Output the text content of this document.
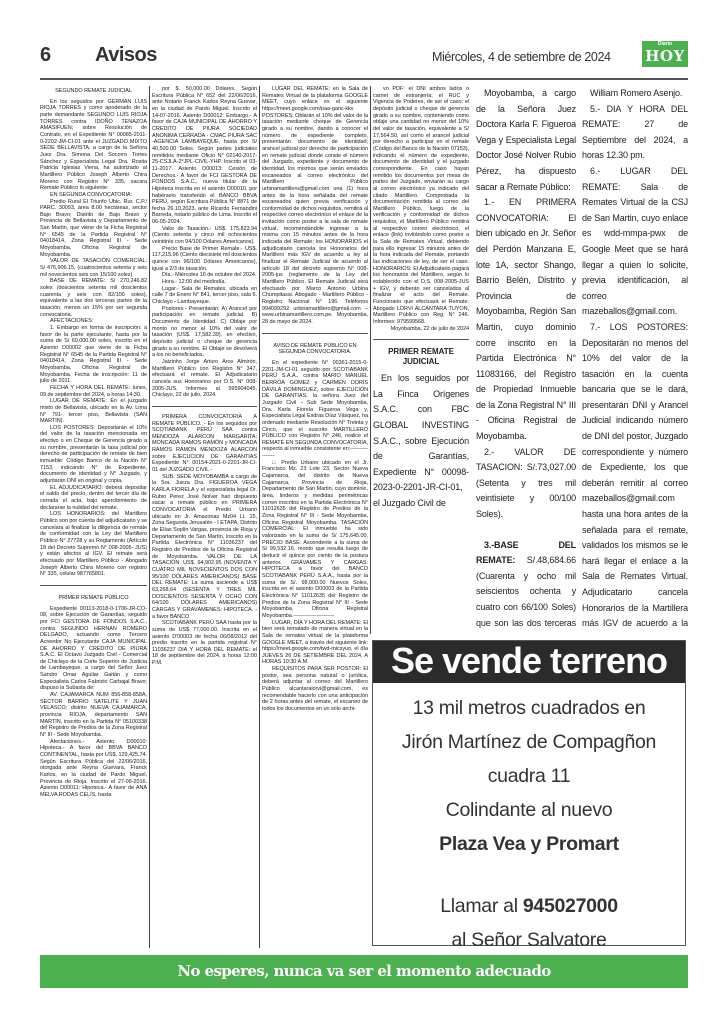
6 Avisos	Miércoles, 4 de setiembre de 2024
Diario
HOY
SEGUNDO REMATE JUDICIAL

En los seguidos por GERMAN LUIS RIOJA TORRES y como apoderado de la parte demandante SEGUNDO LUIS RIOJA TORRES contra IDOÑO TENAZOA AMASIFUEN; sobre Resolución de Contrato, en el Expediente N° 00085-2011-0-2202-JM-CI-01 ante el JUZGADO MIXTO SEDE BELLAVISTA, a cargo de la Señora Juez Dra. Simona Del Socorro Torres Sánchez y Especialista Legal Dra. Rosita Patricia Iglesias Viena, ha autorizado al Martillero Público Joseph Alberto Chira Moreno con Registro N° 335, sacara Remate Público lo siguiente:

EN SEGUNDA CONVOCATORIA:

Predio Rural El Triunfo Ubic. Rur. C.P./ PARC. 30093, área 8.00 hectáreas, sector Bajo Bravo; Distrito de Bajo Bravo y Provincia de Bellavista y Departamento de San Martin, que viene de la Ficha Registral N° 6545 de la Partida Registral N° 04018414, Zona Registral III - Sede Moyobamba, Oficina Registral de Moyobamba.

VALOR DE TASACIÓN COMERCIAL: S/ 476,906.15, (cuatrocientos setenta y seis mil novecientos seis con 15/100 soles)

BASE DE REMATE: S/ 270,246.82 soles (doscientos setenta mil doscientos cuarenta y seis con 82/100 soles), equivalente a las dos terceras partes de la tasación, menos un 15% por ser segunda convocatoria.

AFECTACIONES:

1. Embargo en forma de inscripción: a favor de la parte ejecutante, hasta por la suma de S/ 60,000.00 soles, inscrito en el Asiento D00002 que viene de la Ficha Registral N° 6545 de la Partida Registral N° 04018414, Zona Registral III - Sede Moyobamba, Oficina Registral de Moyobamba. Fecha de inscripción: 11 de julio de 2011.

FECHA Y HORA DEL REMATE: lunes, 09 de septiembre del 2024, a horas 14:30.

LUGAR DE REMATE: En el juzgado mixto de Bellavista, ubicado en la Av. Lima N° 791- tercer piso, Bellavista (SAN MARTIN).

LOS POSTORES: Depositarán el 10% del valor de la tasación mencionada en efectivo o en Cheque de Gerencia girado a su nombre, presentarán la tasa judicial por derecho de participación de remate de bien inmueble: Código Banco de la Nación N° 7153, indicando N° de Expediente, documento de identidad y N° Juzgado, y adjuntarán DNI en original y copia.

EL ADJUDICATARIO: deberá depositar el saldo del precio, dentro del tercer día de cerrada el acta, bajo apercibimiento de declararse la nulidad del remate.

LOS HONORARIOS: del Martillero Público son por cuenta del adjudicatario y se cancelara al finalizar la diligencia de remate de conformidad con la Ley del Martillero Público N° 27728 y su Reglamento (Artículo 18 del Decreto Supremo N° 008-2005- JUS) y están afectos al IGV. El remate será efectuado por Martillero Público - Abogado Joseph Alberto Chira Moreno con registro N° 335, celular 987765801.

PRIMER REMATE PÚBLICO

Expediente 00113-2018-0-1706-JR-CO-08, sobre Ejecución de Garantías, seguido por FCI GESTORA DE FONDOS S.A.C., contra SEGUNDO HERNAN ROMERO DELGADO, actuando como Tercero Acreedor No Ejecutante CAJA MUNICIPAL DE AHORRO Y CREDITO DE PIURA S.A.C. El Octavo Juzgado Civil - Comercial de Chiclayo de la Corte Superior de Justicia de Lambayeque, a cargo del Señor Juez Sandro Omar Aguilar Gaitán y como Especialista Carlos Fabrizio Carbajal Bravo; dispuso la Subasta de:

AV. CAJAMARCA NUM 856-858-858A, SECTOR BARRIO SATELITE Y JUAN VELASCO; distrito NUEVA CAJAMARCA, provincia RIOJA, departamento SAN MARTIN, inscrito en la Partida N° 05100338 del Registro de Predios de la Zona Registral N° III - Sede Moyobamba.

Afectaciones.- Asiento D00010: Hipoteca.- A favor del BBVA BANCO CONTINENTAL, hasta por US$. 129,425.74. Según Escritura Pública del 22/06/2016, otorgada ante Reyna Guevara, Franck Karlos, en la ciudad de Pardo Miguel, Provincia de Rioja. Inscrito el 27-06-2016. Asiento D00011: Hipoteca.- A favor de ANA MELVA RODAS CELIS, hasta

por $. 50,000.00 Dólares. Según Escritura Pública N° 652 del 22/06/2016, ante Notario Franck Karlos Reyna Guevar, en la ciudad de Pardo Miguel. Inscrito el 14-07-2016. Asiento D00012: Embargo.- A favor de CAJA MUNICIPAL DE AHORRO Y CREDITO DE PIURA SOCIEDAD ANONIMA CERRADA - CMAC PIURA SAC -AGENCIA LAMBAYEQUE, hasta por S/ 40,500.00 Soles. Según partes judiciales remitidos mediante Oficio N° 02140-2017-25-CSJLA-2°JPL-CIVIL-YHP. Inscrito el 03-11-2017. Asiento D00013: Cesión de Derechos.- A favor de FCI GESTORA DE FONDOS S.A.C., nueva titular de la Hipoteca inscrita en el asiento D00010, por habérselo transferido el BANCO BBVA PERÚ, según Escritura Pública N° 8871 de fecha 26.10.2023, ante Ricardo Fernandini Barreda, notario público de Lima. Inscrito el 06-05-2024.

Valor de Tasación.- US$. 175,823.94 (Ciento setenta y cinco mil ochocientos veintitrés con 94/100 Dólares Americanos).

Precio Base de Primer Remate.- US$. 117,215.96 (Ciento diecisiete mil doscientos quince con 96/100 Dólares Americanos), igual a 2/3 de tasación.

Día.- Miércoles 16 de octubre del 2024.

Hora.- 12:00 del mediodía.

Lugar.- Sala de Remates, ubicada en calle 7 de Enero N° 841, tercer piso, sala 6. Chiclayo - Lambayeque.

Postores.- Presentarán: A) Arancel por participación en remate judicial. B) Documento de Identidad. C) Oblaje por monto no menor al 10% del valor de tasación (US$. 17,582.39), en efectivo, depósito judicial o cheque de gerencia girado a su nombre. El Oblaje se devolverá a los no beneficiados.

Jaizinho Jorge Arturo Arce Almirón, Martillero Público con Registro N° 347, efectuará el remate. El Adjudicatario cancela sus Honorarios por D.S. N° 008-2005-JUS. Informes al 995904045. Chiclayo, 22 de julio, 2024.

PRIMERA CONVOCATORIA A REMATE PÚBLICO. - En los seguidos por SCOTIABANK PERÚ SAA contra MENDOZA ALARCON MARGARITA; MONCADA RAMOS RAMÓN y MONCADA RAMOS RAMON MENDOZA ALARCON sobre EJECUCION DE GARANTIAS Expediente N° 00154-2021-0-2201-JR-CI-01 del JUZGADO CIVIL -

SUB. SEDE MOYOBAMBA a cargo de la Sra. Jueza Dra. FIGUEROA VEGA KARLA FIORELA y el especialista legal Dr. Rubio Perez José Nolver han dispuesto sacar a remate público en PRIMERA CONVOCATORIA el Predio Urbano ubicado en Jr. Amazonas Mz04 Lt. 15, Zona Segunda Jerusalén - I ETAPA, Distrito de Elías Soplín Vargas, provincia de Rioja y Departamento de San Martín, inscrito en la Partida Electrónica N° 11036237 del Registro de Predios de la Oficina Registral de Moyobamba. VALOR DE LA TASACIÓN: US$. 94,902.95 (NOVENTA Y CUATRO MIL NOVECIENTOS DOS CON 95/100 DÓLARES AMERICANOS) BASE DEL REMATE: La suma asciende a US$ 63,268.64 (SESENTA Y TRES MIL DOSCIENTOS SESENTA Y OCHO CON 64/100 DÓLARES AMERICANOS) CARGAS Y GRAVÁMENES: HIPOTECA. - a favor BANCO

SCOTIABANK PERÚ SAA hasta por la suma de US$ 77,000.00. Inscrita en el asiento D'00003 de fecha 06/08/2012 del predio inscrito en la partida registral N° 11036237 DIA Y HORA DEL REMATE: el 18 de septiembre del 2024, a horas 12:00 P.M.

LUGAR DEL REMATE: en la Sala de Remates Virtual de la plataforma GOOGLE MEET, cuyo enlace es el siguiente https://meet.google.com/paa-ganc-kkv POSTORES: Oblarán el 10% del valor de la tasación mediante cheque de Gerencia girado a su nombre, dando a conocer el número de expediente completo, presentarán documento de identidad; arancel judicial por derecho de participación en remate judicial donde conste el número del Juzgado, expediente y documento de identidad, los mismos que serán enviados escaneados al correo electrónico del Martillero Público urbinamartillero@gmail.com una (1) hora antes de la hora señalada del remate escaneados quien previa verificación y conformidad de dichos requisitos, remitirá al respectivo correo electrónico el enlace de la invitación como postor a la sala de remate virtual, recomendándole ingresar a la misma con 15 minutos antes de la hora indicada del Remate; los HONORARIOS el adjudicatario cancela los Honorarios del Martillero más IGV de acuerdo a ley al finalizar el Remate Judicial de acuerdo al artículo 18 del decreto supremo N° 008-2005-jus (reglamento de la Ley del Martillero Público. El Remate Judicial será efectuado por Marco Antonio Urbina Chumpitassi. Abogado - Martillero Público - Registro Nacional N° 196. Teléfonos 994099292 urbinamartillero@gmail.com – www.urbinamartillero.com.pe. Moyobamba, 28 de mayo de 2024.

AVISO DE REMATE PÚBLICO EN SEGUNDA CONVOCATORIA.

En el expediente N° 00361-2015-0-2201-JM-CI-01 seguido por SCOTIABANK PERÚ S.A.A., contra MARIO MANUEL BERROA GOMEZ y CARMEN DORIS DÁVILA DOMINGUEZ, sobre EJECUCIÓN DE GARANTIAS, la señora Juez del Juzgado Civil – Sub Sede Moyobamba, Dra. Karla Fiorela Figueroa Vega y, Especialista Legal Esdras Díaz Vásquez, ha ordenado mediante Resolución N° Treinta y Cinco, que el suscrito MARTILLERO PÚBLICO con Registro N° 246, realice el REMATE EN SEGUNDA CONVOCATORIA, respecto al inmueble consistente en:-----------------

□ Predio Urbano ubicado en el Jr. Francisco Mz. 23 Lote 23, Sector Nueva Cajamarca, del distrito de Nueva Cajamarca, Provincia de Rioja, Departamento de San Martin, cuyo dominio, área, linderos y medidas perimétricas corren inscritos en la Partida Electrónica N° 11012635 del Registro de Predios de la Zona Registral N° III - Sede Moyobamba, Oficina Registral Moyobamba. TASACIÓN COMERCIAL: El inmueble ha sido valorizado en la suma de S/ 175,645.00. PRECIO BASE: Ascendente a la suma de S/ 99,532.16, monto que resulta luego de deducir el quince por ciento de la postura anterior. GRÁVAMES Y CARGAS: HIPOTECA a favor del BANCO SCOTIABANK PERÚ S.A.A., hasta por la suma de S/. 98,000.00 Nuevos Soles, inscrita en el asiento D00003 de la Partida Electrónica N° 11012635 del Registro de Predios de la Zona Registral N° III - Sede Moyobamba, Oficina Registral Moyobamba.-----------------------

LUGAR, DÍA Y HORA DEL REMATE: El bien será rematado de manera virtual en la Sala de remates virtual de la plataforma GOOGLE MEET, a través del siguiente link: https://meet.google.com/twd-micsyuo, el día JUEVES 26 DE SETIEMBRE DEL 2024, A HORAS 10:30 A.M.

REQUISITOS PARA SER POSTOR: El postor, sea persona natural o jurídica, deberá adjuntar al correo del Martillero Público alcantaralorvi@gmail.com, es recomendable hacerlo con una anticipación de 2 horas antes del remate, el escaneo de todos los documentos en un solo archi-

vo PDF: el DNI ambos lados o carnet de extranjería; el RUC y Vigencia de Poderes, de ser el caso; el depósito judicial o cheque de gerencia girado a su nombre, conteniendo como oblaje una cantidad no menor del 10% del valor de tasación, equivalente a S/ 17,564.50, así como el arancel judicial por derecho a participar en el remate (Código del Banco de la Nación 07153), indicando el número de expediente, documento de identidad y el juzgado correspondiente. En caso hayan remitido los documentos por mesa de partes del Juzgado, enviarán su cargo al correo electrónico ya indicado del citado Martillero. Comprobada la documentación remitida al correo del Martillero Público, luego de la verificación y conformidad de dichos requisitos, el Martillero Público remitirá al respectivo correo electrónico, el enlace (link) invitándolo como postor a la Sala de Remates Virtual, debiendo para ello ingresar 15 minutos antes de la hora indicada del Remate, portando las indicaciones de ley, de ser el caso. HONORARIOS: El Adjudicatario pagará los honorarios del Martillero, según lo establecido con el D.S. 008-2005-JUS + IGV, y deberán ser cancelados al finalizar el acto del Remate. Funcionario que efectuará el Remate: Abogado LORVI ALCÁNTARA TUYON, Martillero Público con Reg. N° 246. Informes: 979599568.

Moyobamba, 22 de julio de 2024

PRIMER REMATE JUDICIAL

En los seguidos por La Finca Orígenes S.A.C. con FBC GLOBAL INVESTING S.A.C., sobre Ejecución de Garantías, Expediente N° 00098-2023-0-2201-JR-CI-01, el Juzgado Civil de

Moyobamba, a cargo de la Señora Juez Doctora Karla F. Figueroa Vega y Especialista Legal Doctor José Nolver Rubio Pérez, ha dispuesto sacar a Remate Público:

1.- EN PRIMERA CONVOCATORIA: El bien ubicado en Jr. Señor del Perdón Manzana E, lote 1A, sector Shango, Barrio Belén, Distrito y Provincia de Moyobamba, Región San Martin, cuyo dominio corre inscrito en la Partida Electrónica N° 11083166, del Registro de Propiedad Inmueble de la Zona Registral N° III - Oficina Registral de Moyobamba.

2.- VALOR DE TASACION: S/.73,027.00 (Setenta y tres mil veintisiete y 00/100 Soles).

3.-BASE DEL REMATE: S/.48,684.66 (Cuarenta y ocho mil seiscientos ochenta y cuatro con 66/100 Soles) que son las dos terceras

William Romero Asenjo.

5.- DIA Y HORA DEL REMATE: 27 de Septiembre del 2024, a horas 12.30 pm.

6.- LUGAR DEL REMATE: Sala de Remates Virtual de la CSJ de San Martin, cuyo enlace es wdd-mmpa-pwx de Google Meet que se hará llegar a quien lo solicite, previa identificación, al correo mazeballos@gmail.com.

7.- LOS POSTORES: Depositarán no menos del 10% del valor de la tasación en la cuenta bancaria que se le dará, presentarán DNI y Arancel Judicial indicando número de DNI del postor, Juzgado correspondiente y número de Expediente, los que deberán remitir al correo mazeballos@gmail.com hasta una hora antes de la señalada para el remate, validados los mismos se le hará llegar el enlace a la Sala de Remates Virtual. Adjudicatario cancela Honorarios de la Martillera más IGV de acuerdo a la

Se vende terreno
13 mil metros cuadrados en
Jirón Martínez de Compagñon
cuadra 11
Colindante al nuevo
Plaza Vea y Promart
Llamar al 945027000
al Señor Salvatore
No esperes, nunca va ser el momento adecuado
